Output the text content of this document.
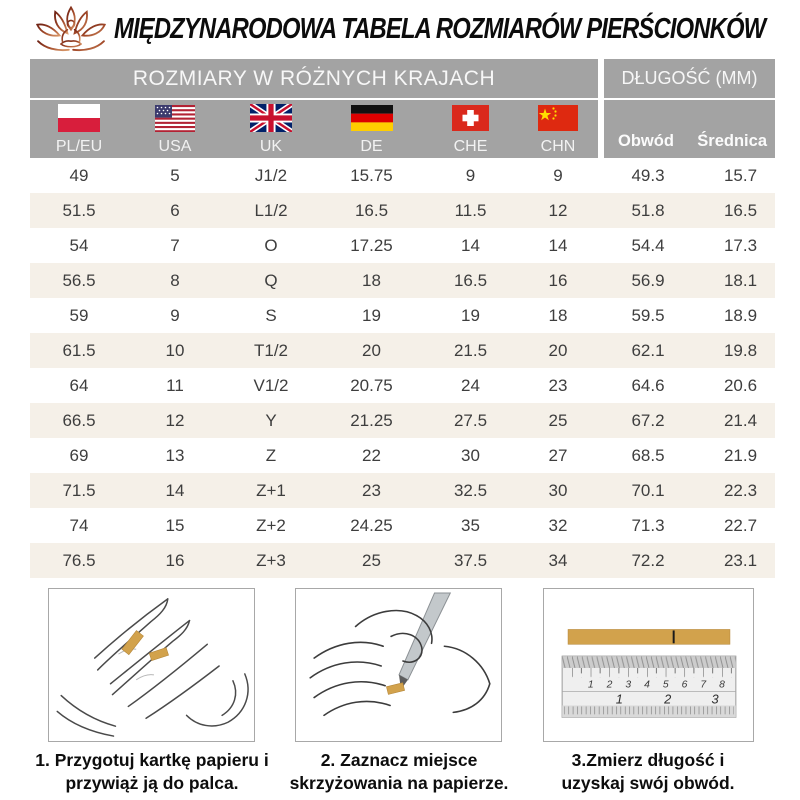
MIĘDZYNARODOWA TABELA ROZMIARÓW PIERŚCIONKÓW
ROZMIARY W RÓŻNYCH KRAJACH	DŁUGOŚĆ (MM)
PL/EU	USA	UK	DE	CHE	CHN	Obwód Średnica
49	5	J1/2	15.75	9	9	49.3	15.7
51.5	6	L1/2	16.5	11.5	12	51.8	16.5
54	7	O	17.25	14	14	54.4	17.3
56.5	8	Q	18	16.5	16	56.9	18.1
59	9	S	19	19	18	59.5	18.9
61.5	10	T1/2	20	21.5	20	62.1	19.8
64	11	V1/2	20.75	24	23	64.6	20.6
66.5	12	Y	21.25	27.5	25	67.2	21.4
69	13	Z	22	30	27	68.5	21.9
71.5	14	Z+1	23	32.5	30	70.1	22.3
74	15	Z+2	24.25	35	32	71.3	22.7
76.5	16	Z+3	25	37.5	34	72.2	23.1
1 2 3 4 5 6 7 8
1	2	3
1. Przygotuj kartkę papieru i
przywiąż ją do palca.
2. Zaznacz miejsce
skrzyżowania na papierze.
3.Zmierz długość i
uzyskaj swój obwód.
